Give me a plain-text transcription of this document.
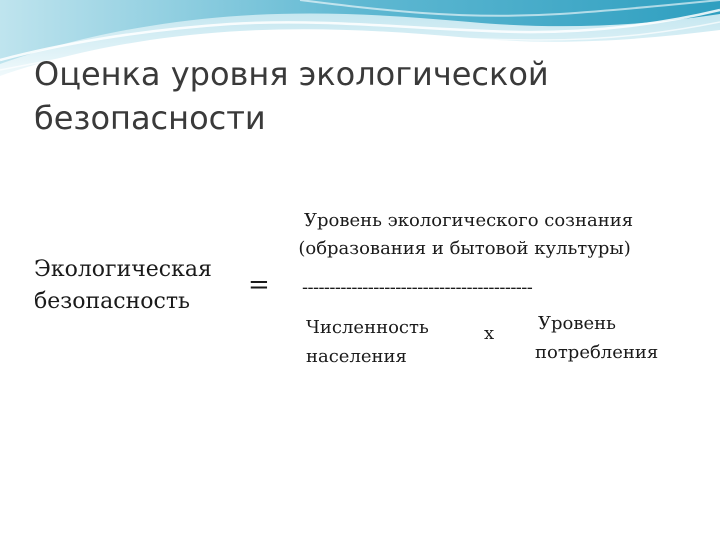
Оценка уровня экологической
безопасности
Экологическая
безопасность
=
Уровень экологического сознания
(образования и бытовой культуры)
------------------------------------------
Численность
населения
х Уровень
потребления
